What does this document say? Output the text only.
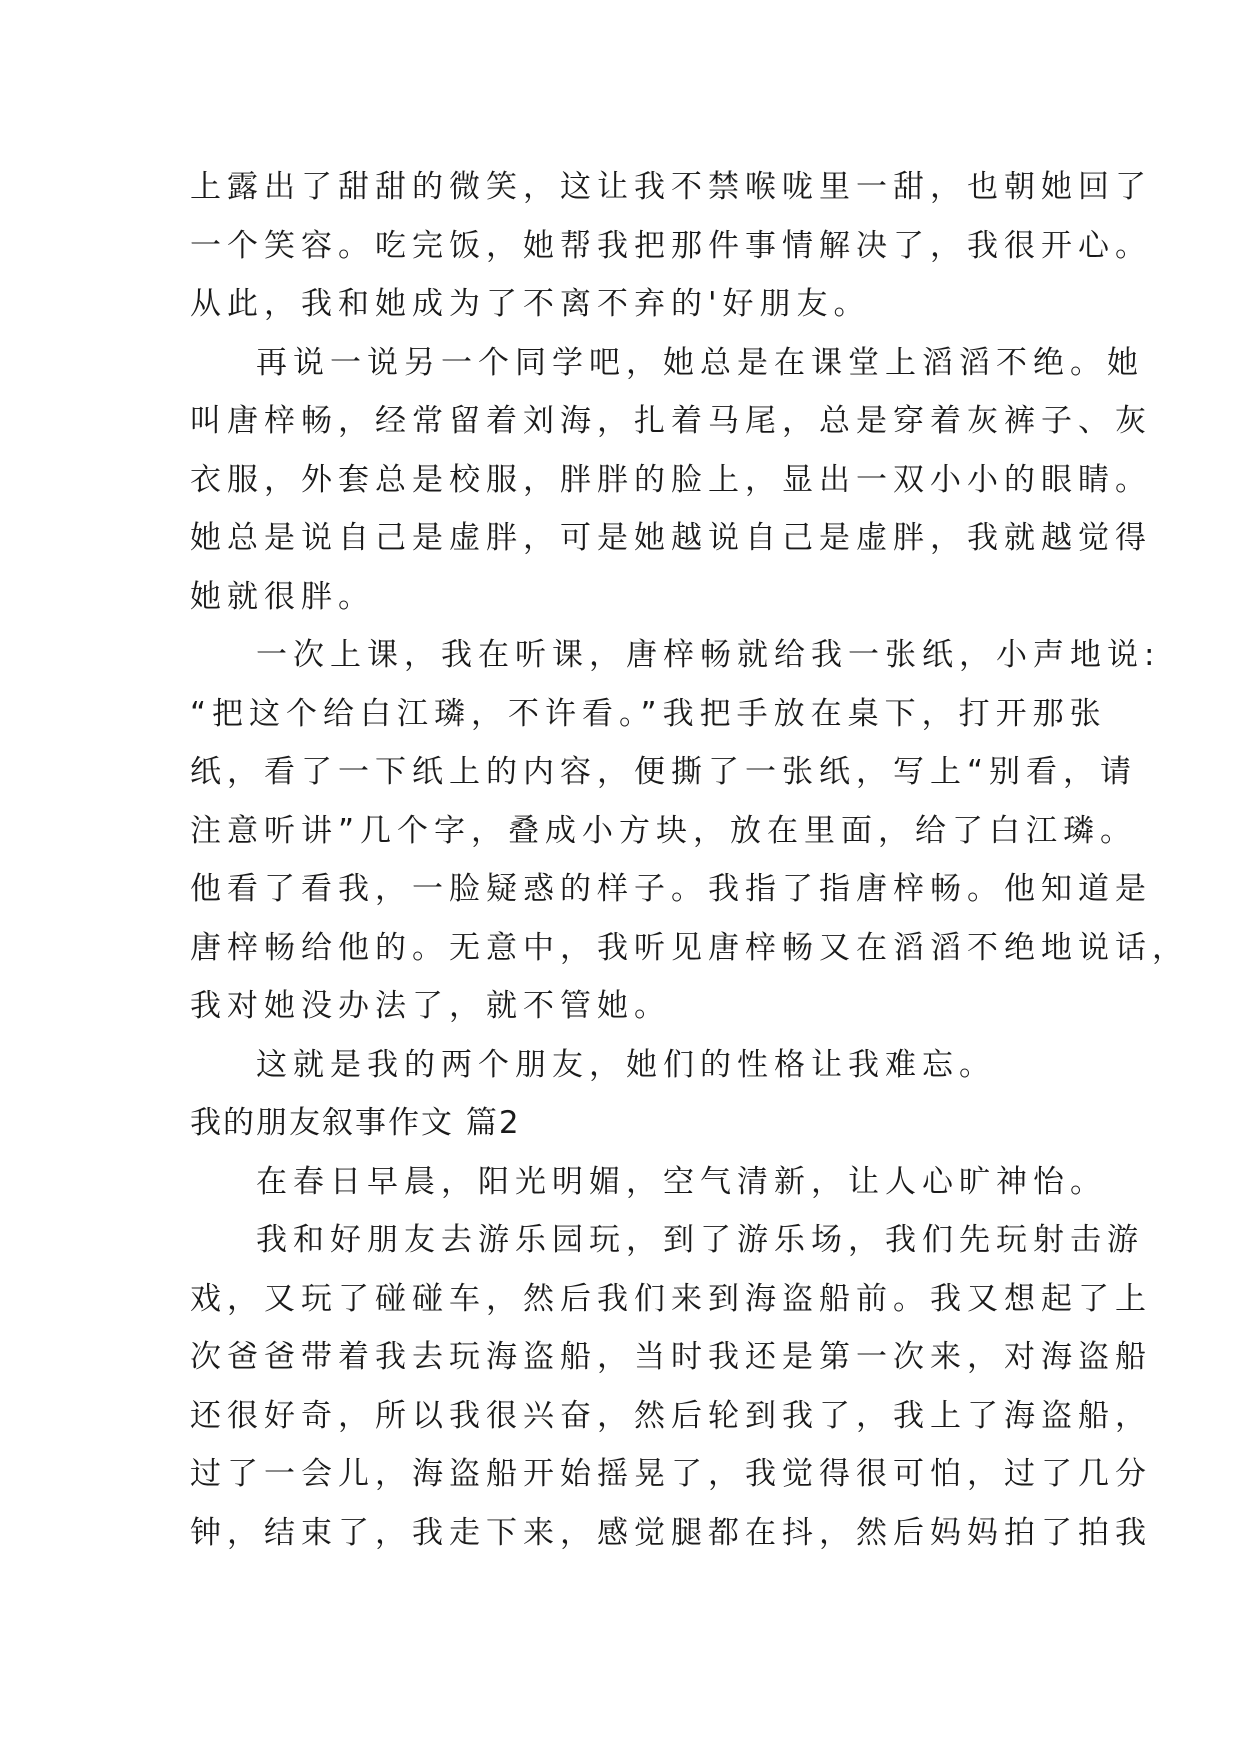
上露出了甜甜的微笑，这让我不禁喉咙里一甜，也朝她回了
一个笑容。吃完饭，她帮我把那件事情解决了，我很开心。
从此，我和她成为了不离不弃的'好朋友。
再说一说另一个同学吧，她总是在课堂上滔滔不绝。她
叫唐梓畅，经常留着刘海，扎着马尾，总是穿着灰裤子、灰
衣服，外套总是校服，胖胖的脸上，显出一双小小的眼睛。
她总是说自己是虚胖，可是她越说自己是虚胖，我就越觉得
她就很胖。
一次上课，我在听课，唐梓畅就给我一张纸，小声地说:
“把这个给白江璘，不许看。”我把手放在桌下，打开那张
纸，看了一下纸上的内容，便撕了一张纸，写上“别看，请
注意听讲”几个字，叠成小方块，放在里面，给了白江璘。
他看了看我，一脸疑惑的样子。我指了指唐梓畅。他知道是
唐梓畅给他的。无意中，我听见唐梓畅又在滔滔不绝地说话，
我对她没办法了，就不管她。
这就是我的两个朋友，她们的性格让我难忘。
我的朋友叙事作文 篇2
在春日早晨，阳光明媚，空气清新，让人心旷神怡。
我和好朋友去游乐园玩，到了游乐场，我们先玩射击游
戏，又玩了碰碰车，然后我们来到海盗船前。我又想起了上
次爸爸带着我去玩海盗船，当时我还是第一次来，对海盗船
还很好奇，所以我很兴奋，然后轮到我了，我上了海盗船，
过了一会儿，海盗船开始摇晃了，我觉得很可怕，过了几分
钟，结束了，我走下来，感觉腿都在抖，然后妈妈拍了拍我
